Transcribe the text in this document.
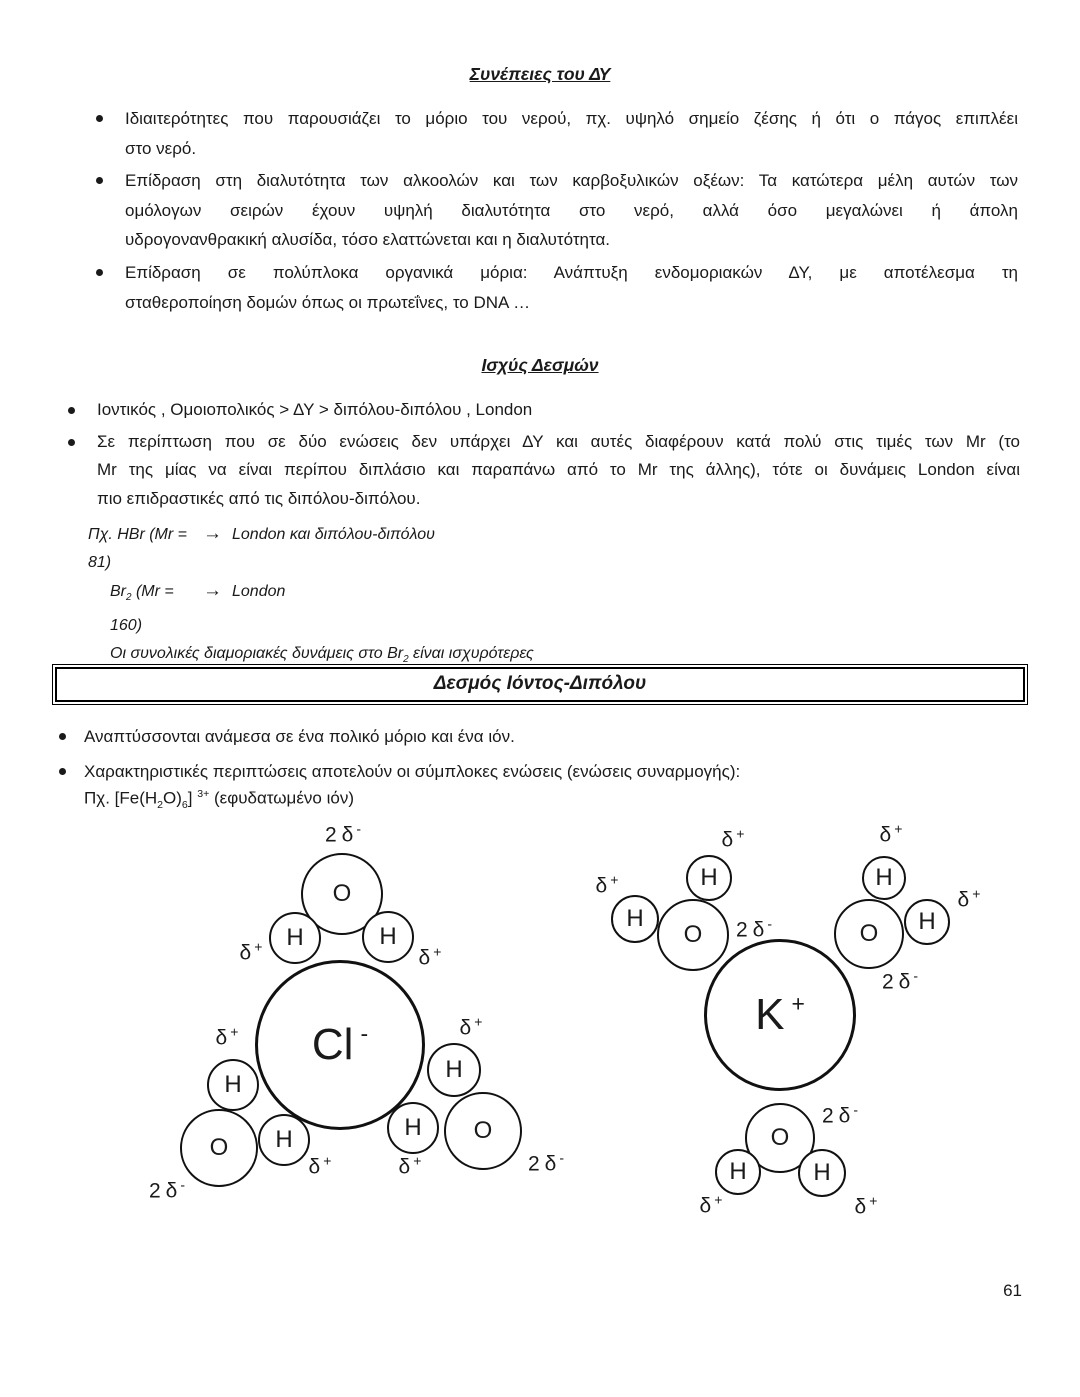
Συνέπειες του ΔΥ
Ιδιαιτερότητες που παρουσιάζει το μόριο του νερού, πχ. υψηλό σημείο ζέσης ή ότι ο πάγος επιπλέει
στο νερό.
Επίδραση στη διαλυτότητα των αλκοολών και των καρβοξυλικών οξέων: Τα κατώτερα μέλη αυτών των
ομόλογων σειρών έχουν υψηλή διαλυτότητα στο νερό, αλλά όσο μεγαλώνει ή άπολη
υδρογονανθρακική αλυσίδα, τόσο ελαττώνεται και η διαλυτότητα.
Επίδραση σε πολύπλοκα οργανικά μόρια: Ανάπτυξη ενδομοριακών ΔΥ, με αποτέλεσμα τη
σταθεροποίηση δομών όπως οι πρωτεΐνες, το DNA …
Ισχύς Δεσμών
Ιοντικός , Ομοιοπολικός > ΔΥ > διπόλου-διπόλου , London
Σε περίπτωση που σε δύο ενώσεις δεν υπάρχει ΔΥ και αυτές διαφέρουν κατά πολύ στις τιμές των Mr (το
Mr της μίας να είναι περίπου διπλάσιο και παραπάνω από το Mr της άλλης), τότε οι δυνάμεις London είναι
πιο επιδραστικές από τις διπόλου-διπόλου.
Πχ. HBr (Mr = 81)
→ London και διπόλου-διπόλου
$Br_2$ (Mr = 160)
→ London
Οι συνολικές διαμοριακές δυνάμεις στο $Br_2$ είναι ισχυρότερες
Δεσμός Ιόντος-Διπόλου
Αναπτύσσονται ανάμεσα σε ένα πολικό μόριο και ένα ιόν.
Χαρακτηριστικές περιπτώσεις αποτελούν οι σύμπλοκες ενώσεις (ενώσεις συναρμογής):
Πχ. $[Fe(H_2O)_6]$ $^{3+}$ (εφυδατωμένο ιόν)
Cl -
O
O
O
H	H
H
H
H
H
2 δ -
δ +	δ +
δ +
δ +
2 δ -
δ +
δ +	2 δ -
K +
O	O
O
H
H
H
H
H	H
δ +
δ +
2 δ -
δ +
δ +
2 δ -
2 δ -
δ +	δ +
61
